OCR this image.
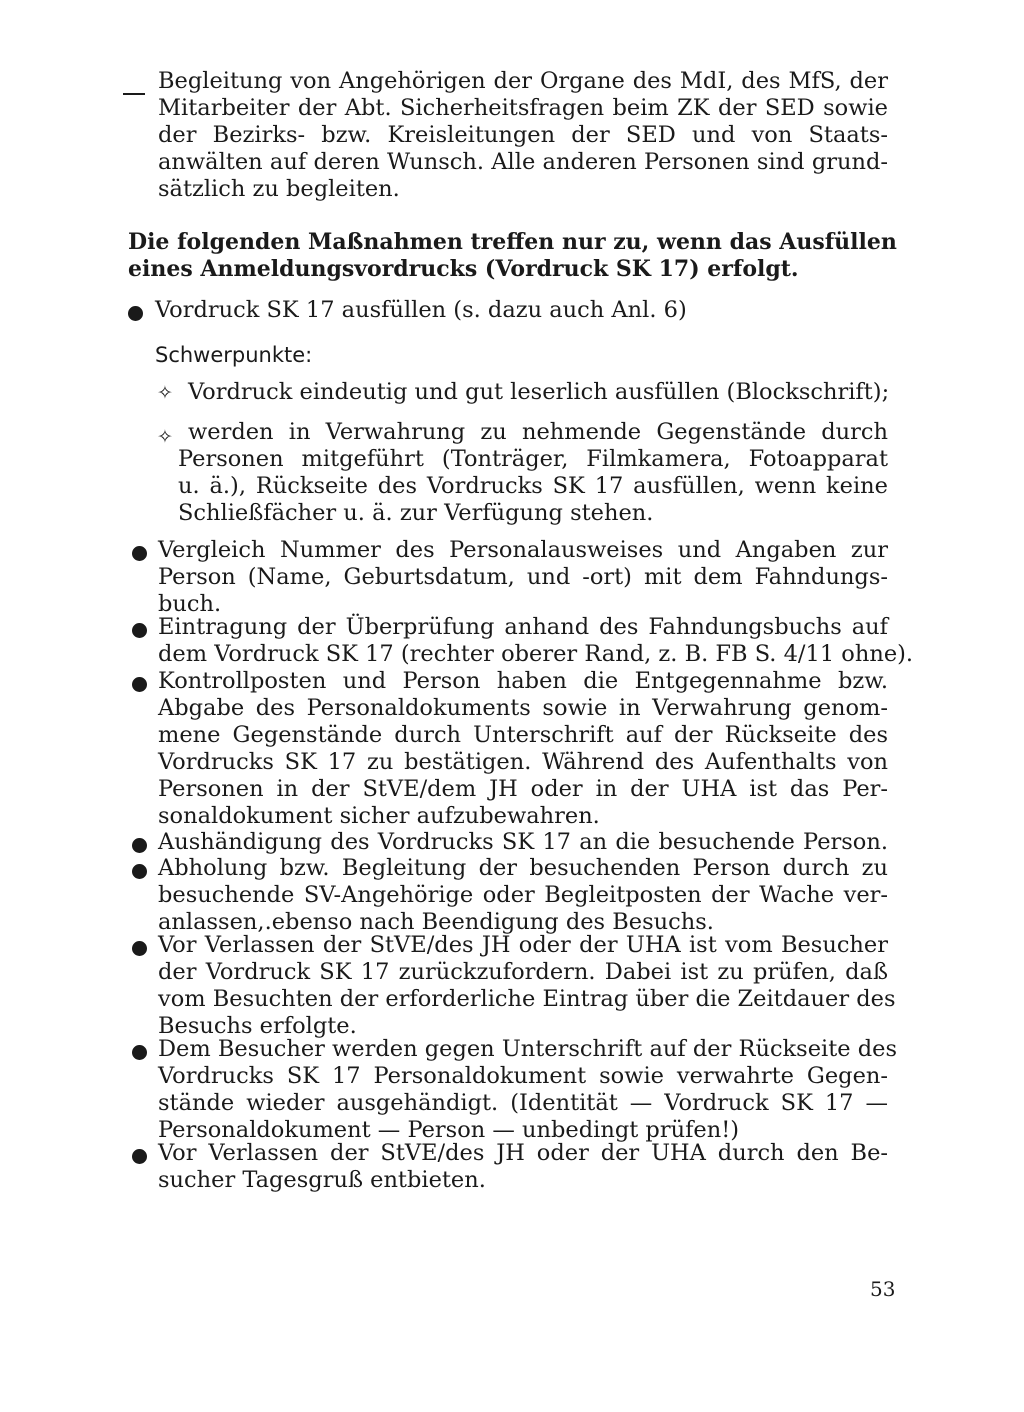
Begleitung von Angehörigen der Organe des MdI, des MfS, der
Mitarbeiter der Abt. Sicherheitsfragen beim ZK der SED sowie
der Bezirks- bzw. Kreisleitungen der SED und von Staats-
anwälten auf deren Wunsch. Alle anderen Personen sind grund-
sätzlich zu begleiten.
Die folgenden Maßnahmen treffen nur zu, wenn das Ausfüllen
eines Anmeldungsvordrucks (Vordruck SK 17) erfolgt.
Vordruck SK 17 ausfüllen (s. dazu auch Anl. 6)
Schwerpunkte:
✧ Vordruck eindeutig und gut leserlich ausfüllen (Blockschrift);
✧ werden in Verwahrung zu nehmende Gegenstände durch
Personen mitgeführt (Tonträger, Filmkamera, Fotoapparat
u. ä.), Rückseite des Vordrucks SK 17 ausfüllen, wenn keine
Schließfächer u. ä. zur Verfügung stehen.
Vergleich Nummer des Personalausweises und Angaben zur
Person (Name, Geburtsdatum, und -ort) mit dem Fahndungs-
buch.
Eintragung der Überprüfung anhand des Fahndungsbuchs auf
dem Vordruck SK 17 (rechter oberer Rand, z. B. FB S. 4/11 ohne).
Kontrollposten und Person haben die Entgegennahme bzw.
Abgabe des Personaldokuments sowie in Verwahrung genom-
mene Gegenstände durch Unterschrift auf der Rückseite des
Vordrucks SK 17 zu bestätigen. Während des Aufenthalts von
Personen in der StVE/dem JH oder in der UHA ist das Per-
sonaldokument sicher aufzubewahren.
Aushändigung des Vordrucks SK 17 an die besuchende Person.
Abholung bzw. Begleitung der besuchenden Person durch zu
besuchende SV-Angehörige oder Begleitposten der Wache ver-
anlassen,.ebenso nach Beendigung des Besuchs.
Vor Verlassen der StVE/des JH oder der UHA ist vom Besucher
der Vordruck SK 17 zurückzufordern. Dabei ist zu prüfen, daß
vom Besuchten der erforderliche Eintrag über die Zeitdauer des
Besuchs erfolgte.
Dem Besucher werden gegen Unterschrift auf der Rückseite des
Vordrucks SK 17 Personaldokument sowie verwahrte Gegen-
stände wieder ausgehändigt. (Identität — Vordruck SK 17 —
Personaldokument — Person — unbedingt prüfen!)
Vor Verlassen der StVE/des JH oder der UHA durch den Be-
sucher Tagesgruß entbieten.
53
